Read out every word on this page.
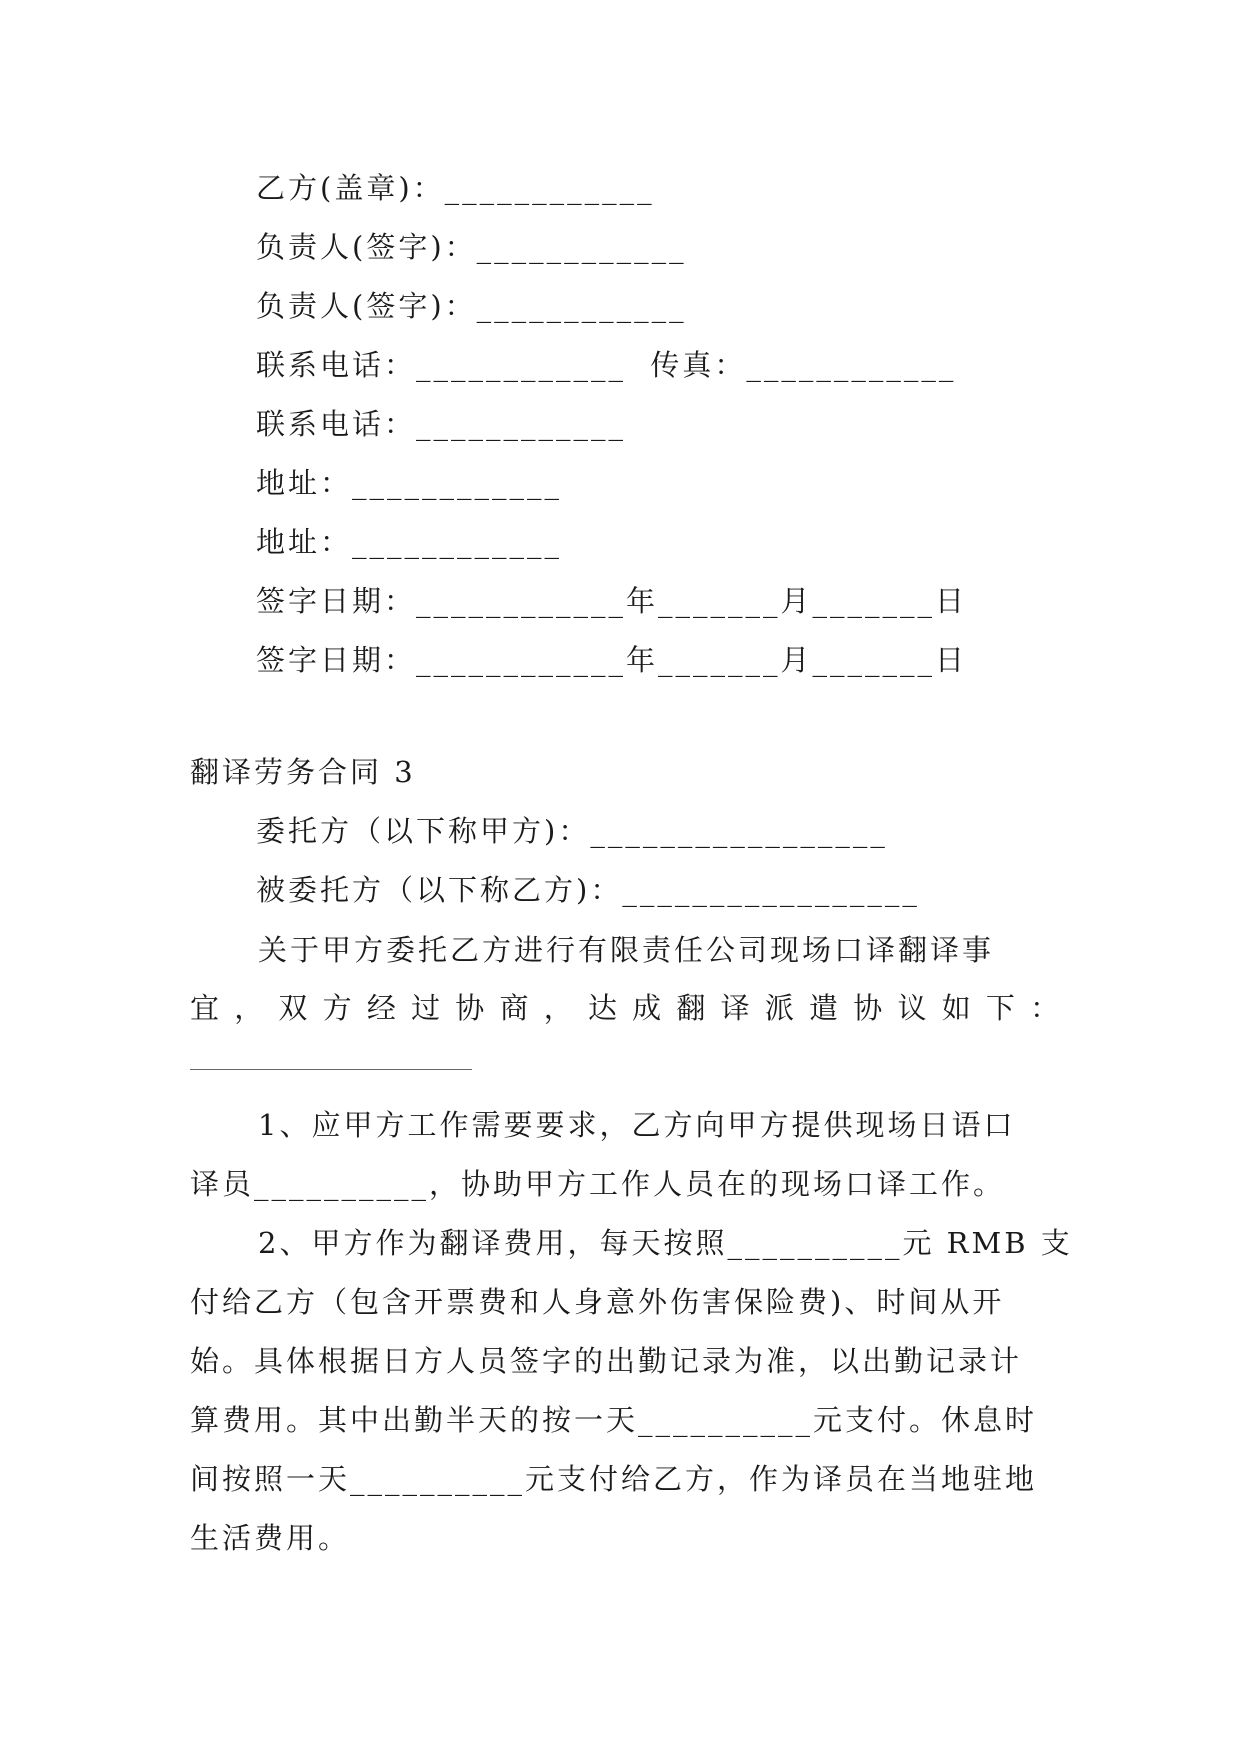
乙方(盖章)：____________
负责人(签字)：____________
负责人(签字)：____________
联系电话：____________  传真：____________
联系电话：____________
地址：____________
地址：____________
签字日期：____________年_______月_______日
签字日期：____________年_______月_______日
翻译劳务合同 3
委托方（以下称甲方)：_________________
被委托方（以下称乙方)：_________________
关于甲方委托乙方进行有限责任公司现场口译翻译事
宜 ， 双 方 经 过 协 商 ， 达 成 翻 译 派 遣 协 议 如 下 ：
1、应甲方工作需要要求，乙方向甲方提供现场日语口
译员__________，协助甲方工作人员在的现场口译工作。
2、甲方作为翻译费用，每天按照__________元 RMB 支
付给乙方（包含开票费和人身意外伤害保险费)、时间从开
始。具体根据日方人员签字的出勤记录为准，以出勤记录计
算费用。其中出勤半天的按一天__________元支付。休息时
间按照一天__________元支付给乙方，作为译员在当地驻地
生活费用。
